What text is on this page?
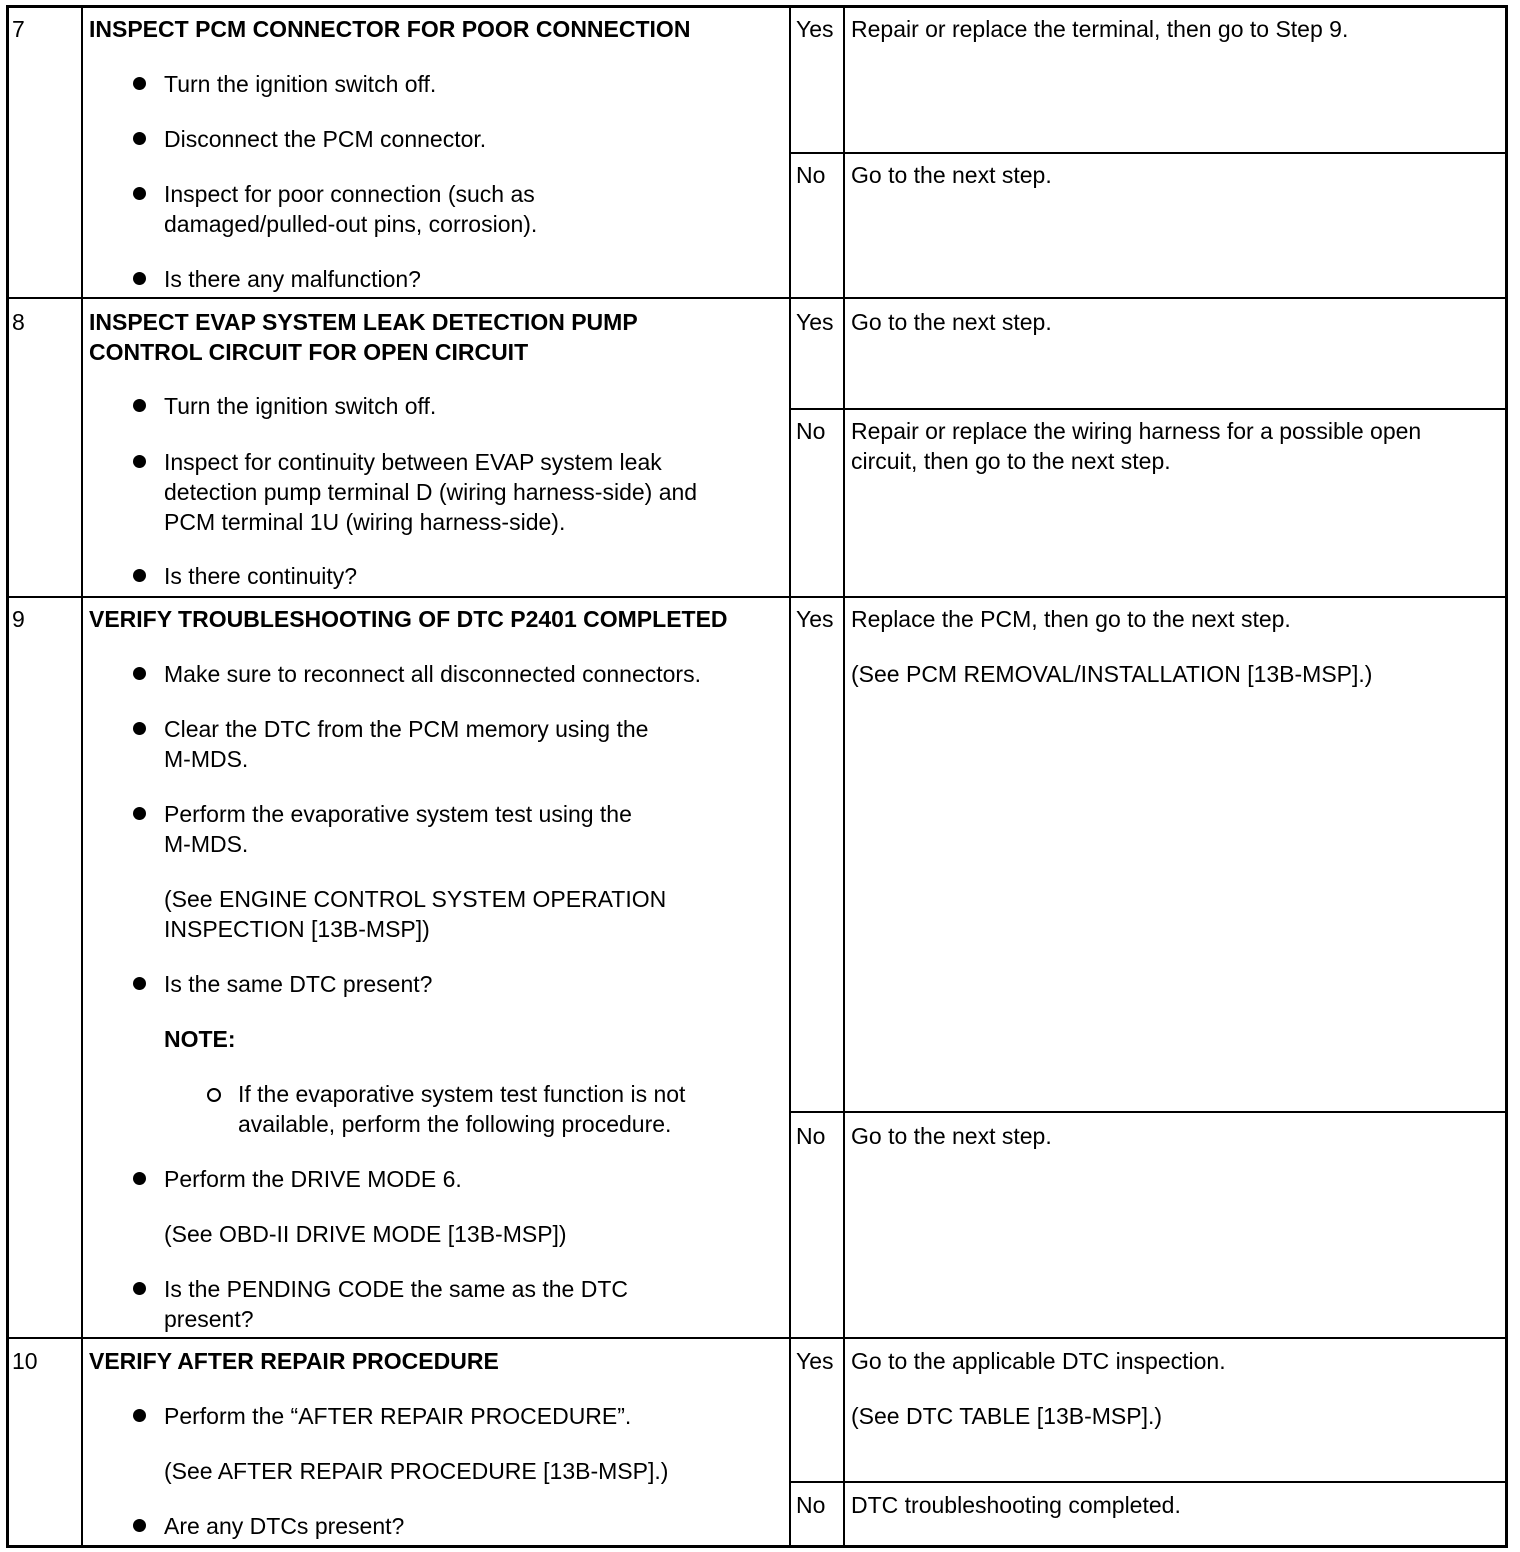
7	INSPECT PCM CONNECTOR FOR POOR CONNECTION
Turn the ignition switch off.
Disconnect the PCM connector.
Inspect for poor connection (such as
damaged/pulled-out pins, corrosion).
Is there any malfunction?
Yes Repair or replace the terminal, then go to Step 9.
No Go to the next step.
8	INSPECT EVAP SYSTEM LEAK DETECTION PUMP
CONTROL CIRCUIT FOR OPEN CIRCUIT
Turn the ignition switch off.
Inspect for continuity between EVAP system leak
detection pump terminal D (wiring harness-side) and
PCM terminal 1U (wiring harness-side).
Is there continuity?
Yes Go to the next step.
No Repair or replace the wiring harness for a possible open
circuit, then go to the next step.
9	VERIFY TROUBLESHOOTING OF DTC P2401 COMPLETED
Make sure to reconnect all disconnected connectors.
Clear the DTC from the PCM memory using the
M-MDS.
Perform the evaporative system test using the
M-MDS.
(See ENGINE CONTROL SYSTEM OPERATION
INSPECTION [13B-MSP])
Is the same DTC present?
NOTE:
If the evaporative system test function is not
available, perform the following procedure.
Perform the DRIVE MODE 6.
(See OBD-II DRIVE MODE [13B-MSP])
Is the PENDING CODE the same as the DTC
present?
Yes Replace the PCM, then go to the next step.
(See PCM REMOVAL/INSTALLATION [13B-MSP].)
No Go to the next step.
10 VERIFY AFTER REPAIR PROCEDURE
Perform the “AFTER REPAIR PROCEDURE”.
(See AFTER REPAIR PROCEDURE [13B-MSP].)
Are any DTCs present?
Yes Go to the applicable DTC inspection.
(See DTC TABLE [13B-MSP].)
No DTC troubleshooting completed.
